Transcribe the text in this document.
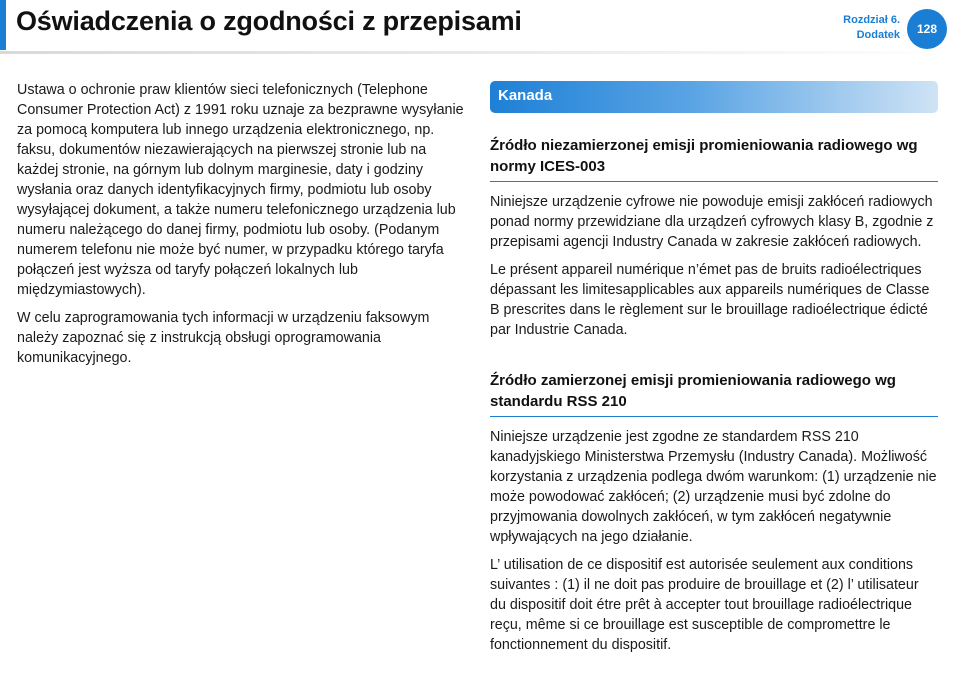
Oświadczenia o zgodności z przepisami	Rozdział 6.
Dodatek	128

Ustawa o ochronie praw klientów sieci telefonicznych (Telephone Consumer Protection Act) z 1991 roku uznaje za bezprawne wysyłanie za pomocą komputera lub innego urządzenia elektronicznego, np. faksu, dokumentów niezawierających na pierwszej stronie lub na każdej stronie, na górnym lub dolnym marginesie, daty i godziny wysłania oraz danych identyfikacyjnych firmy, podmiotu lub osoby wysyłającej dokument, a także numeru telefonicznego urządzenia lub numeru należącego do danej firmy, podmiotu lub osoby. (Podanym numerem telefonu nie może być numer, w przypadku którego taryfa połączeń jest wyższa od taryfy połączeń lokalnych lub międzymiastowych).

W celu zaprogramowania tych informacji w urządzeniu faksowym należy zapoznać się z instrukcją obsługi oprogramowania komunikacyjnego.

Kanada
Źródło niezamierzonej emisji promieniowania radiowego wg normy ICES-003

Niniejsze urządzenie cyfrowe nie powoduje emisji zakłóceń radiowych ponad normy przewidziane dla urządzeń cyfrowych klasy B, zgodnie z przepisami agencji Industry Canada w zakresie zakłóceń radiowych.

Le présent appareil numérique n’émet pas de bruits radioélectriques dépassant les limitesapplicables aux appareils numériques de Classe B prescrites dans le règlement sur le brouillage radioélectrique édicté par Industrie Canada.

Źródło zamierzonej emisji promieniowania radiowego wg standardu RSS 210

Niniejsze urządzenie jest zgodne ze standardem RSS 210 kanadyjskiego Ministerstwa Przemysłu (Industry Canada). Możliwość korzystania z urządzenia podlega dwóm warunkom: (1) urządzenie nie może powodować zakłóceń; (2) urządzenie musi być zdolne do przyjmowania dowolnych zakłóceń, w tym zakłóceń negatywnie wpływających na jego działanie.

L’ utilisation de ce dispositif est autorisée seulement aux conditions suivantes : (1) il ne doit pas produire de brouillage et (2) l’ utilisateur du dispositif doit étre prêt à accepter tout brouillage radioélectrique reçu, même si ce brouillage est susceptible de compromettre le fonctionnement du dispositif.
